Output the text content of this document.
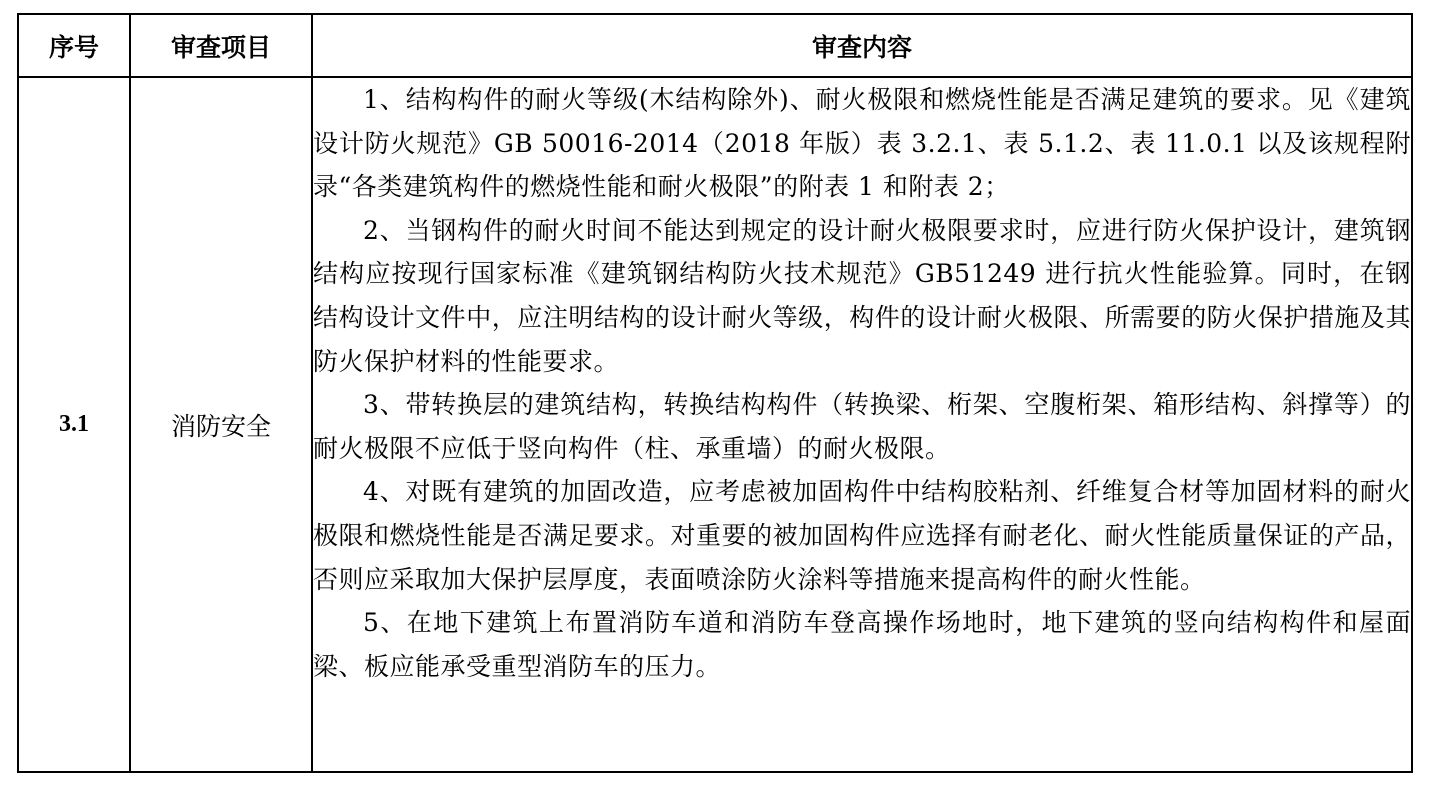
序号	审查项目	审查内容
3.1	消防安全	1、结构构件的耐火等级(木结构除外)、耐火极限和燃烧性能是否满足建筑的要求。见《建筑设计防火规范》GB 50016-2014（2018 年版）表 3.2.1、表 5.1.2、表 11.0.1 以及该规程附录“各类建筑构件的燃烧性能和耐火极限”的附表 1 和附表 2；

2、当钢构件的耐火时间不能达到规定的设计耐火极限要求时，应进行防火保护设计，建筑钢结构应按现行国家标准《建筑钢结构防火技术规范》GB51249 进行抗火性能验算。同时，在钢结构设计文件中，应注明结构的设计耐火等级，构件的设计耐火极限、所需要的防火保护措施及其防火保护材料的性能要求。

3、带转换层的建筑结构，转换结构构件（转换梁、桁架、空腹桁架、箱形结构、斜撑等）的耐火极限不应低于竖向构件（柱、承重墙）的耐火极限。

4、对既有建筑的加固改造，应考虑被加固构件中结构胶粘剂、纤维复合材等加固材料的耐火极限和燃烧性能是否满足要求。对重要的被加固构件应选择有耐老化、耐火性能质量保证的产品，否则应采取加大保护层厚度，表面喷涂防火涂料等措施来提高构件的耐火性能。

5、在地下建筑上布置消防车道和消防车登高操作场地时，地下建筑的竖向结构构件和屋面梁、板应能承受重型消防车的压力。
